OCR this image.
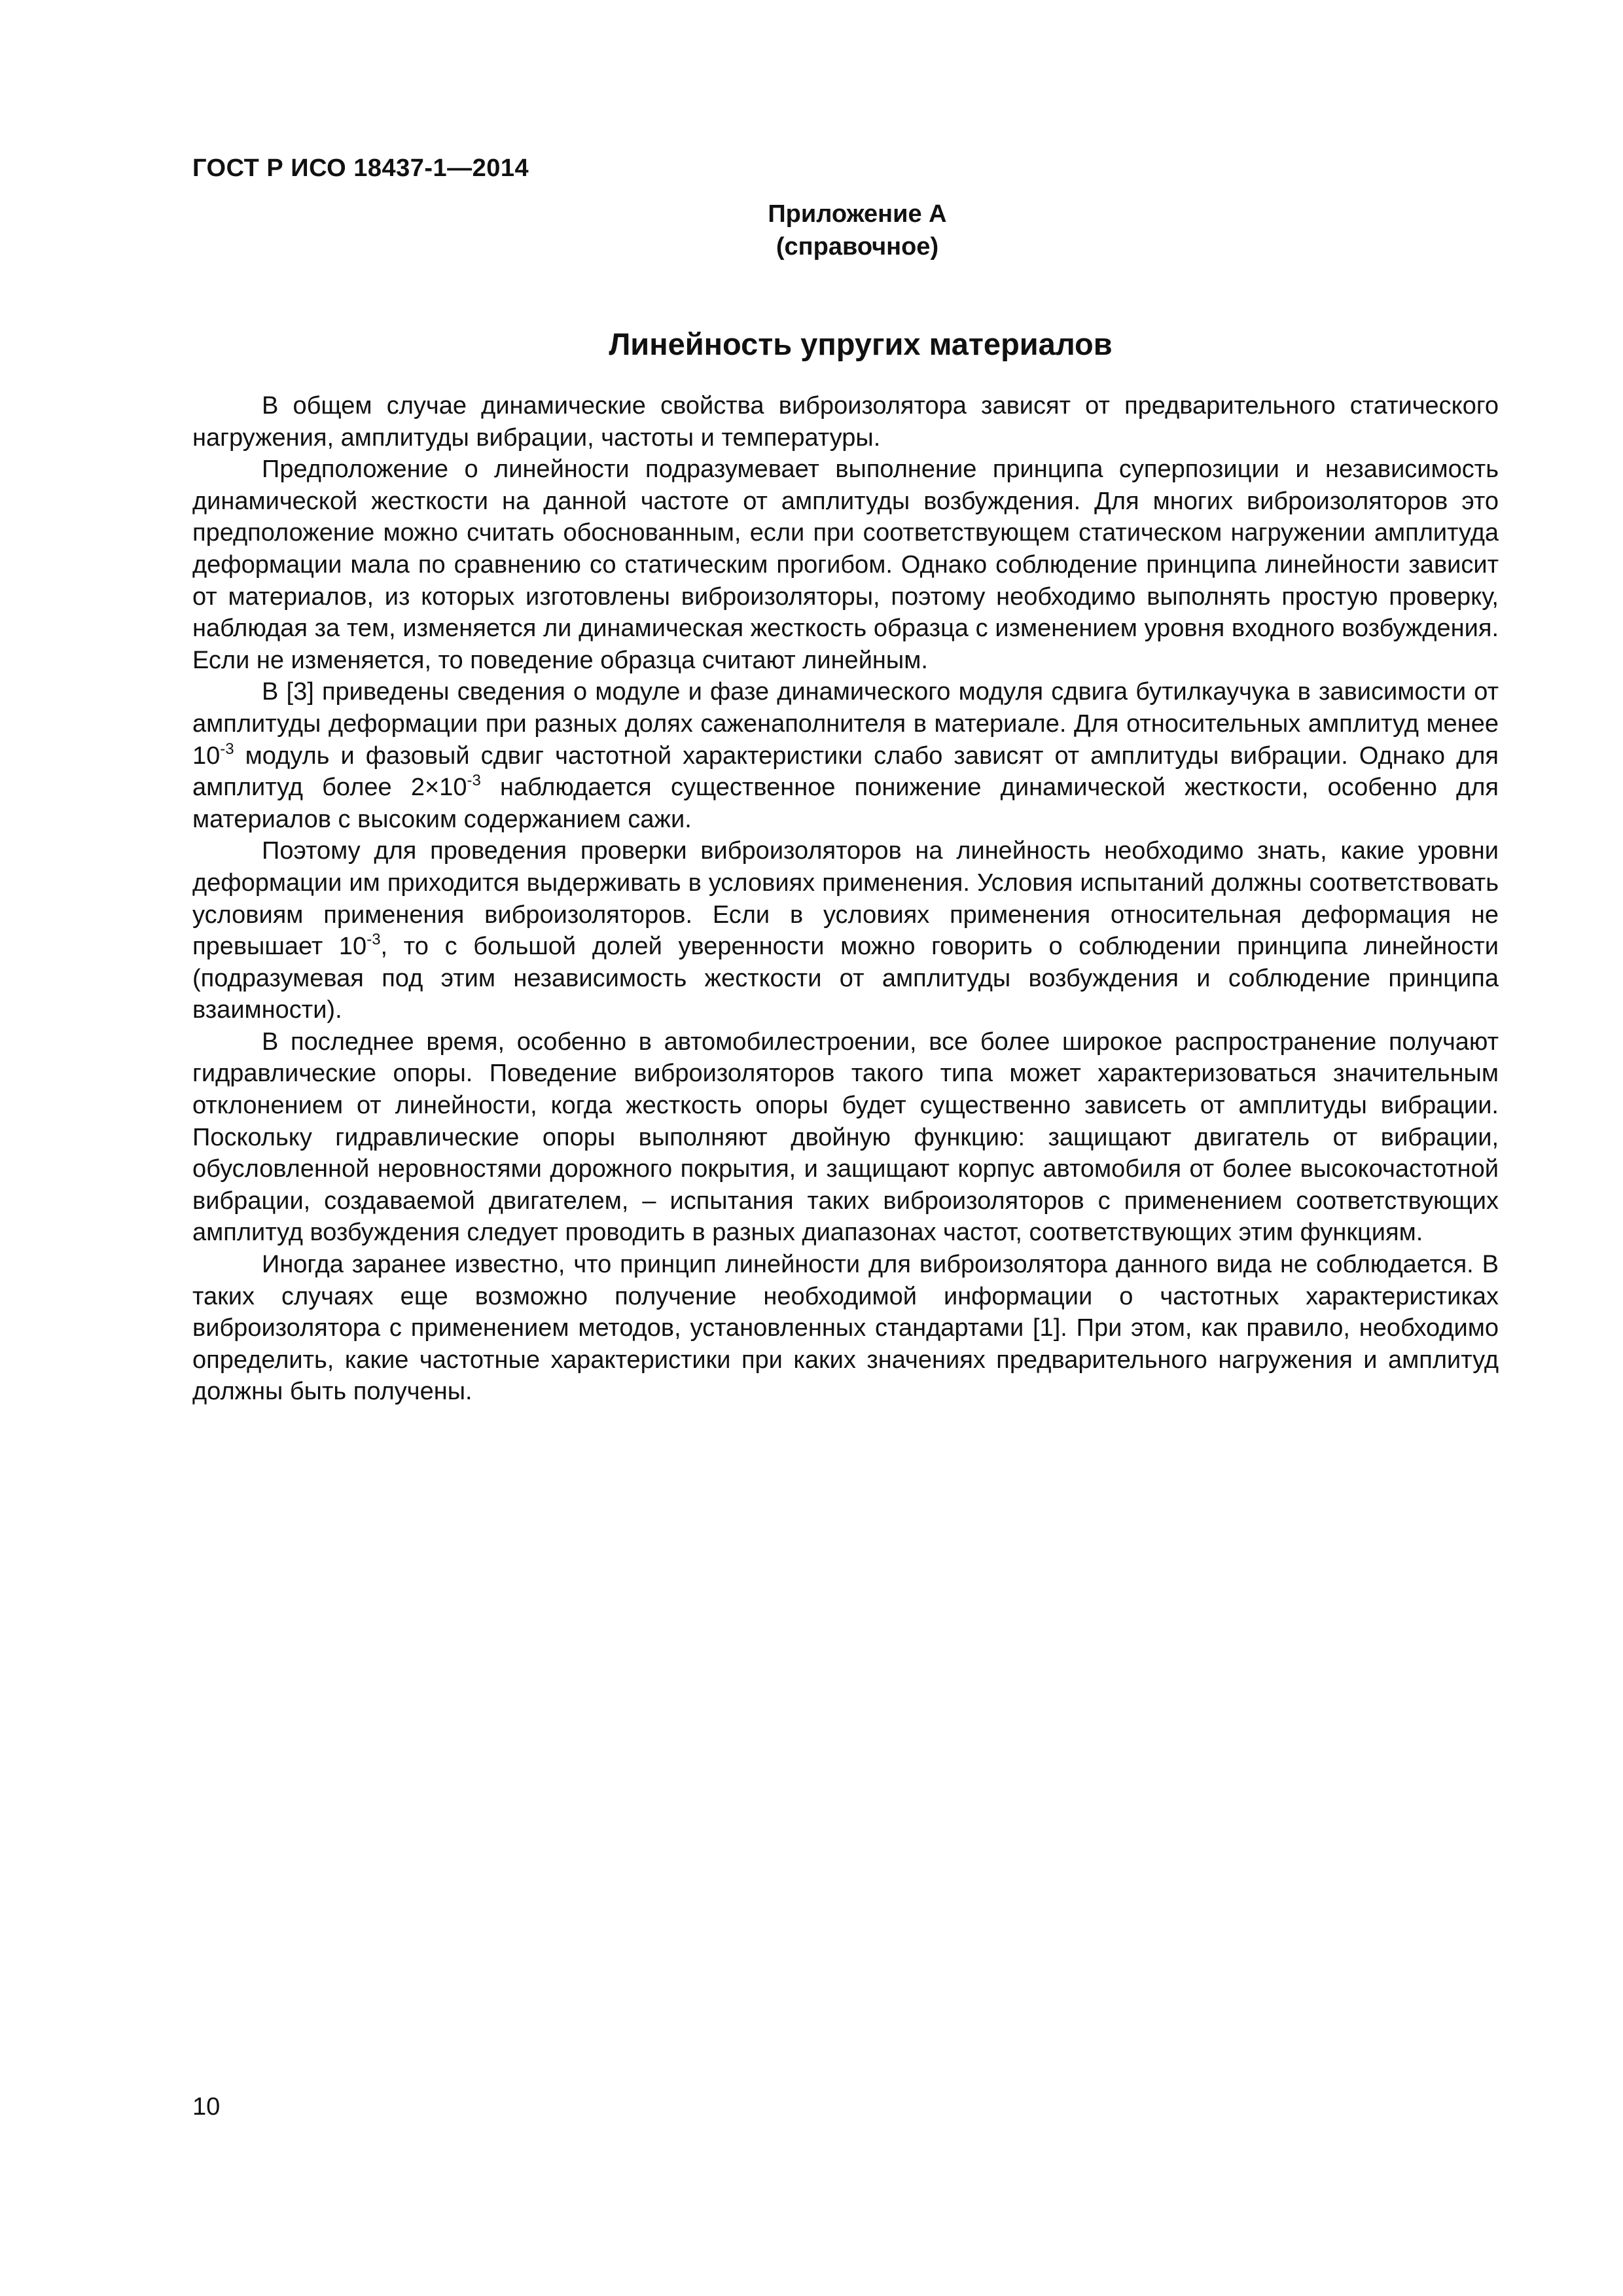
ГОСТ Р ИСО 18437-1—2014
Приложение А
(справочное)
Линейность упругих материалов

В общем случае динамические свойства виброизолятора зависят от предварительного статического нагружения, амплитуды вибрации, частоты и температуры.

Предположение о линейности подразумевает выполнение принципа суперпозиции и независимость динамической жесткости на данной частоте от амплитуды возбуждения. Для многих виброизоляторов это предположение можно считать обоснованным, если при соответствующем статическом нагружении амплитуда деформации мала по сравнению со статическим прогибом. Однако соблюдение принципа линейности зависит от материалов, из которых изготовлены виброизоляторы, поэтому необходимо выполнять простую проверку, наблюдая за тем, изменяется ли динамическая жесткость образца с изменением уровня входного возбуждения. Если не изменяется, то поведение образца считают линейным.

В [3] приведены сведения о модуле и фазе динамического модуля сдвига бутилкаучука в зависимости от амплитуды деформации при разных долях саженаполнителя в материале. Для относительных амплитуд менее $10^{-3}$ модуль и фазовый сдвиг частотной характеристики слабо зависят от амплитуды вибрации. Однако для амплитуд более $2\times 10^{-3}$ наблюдается существенное понижение динамической жесткости, особенно для материалов с высоким содержанием сажи.

Поэтому для проведения проверки виброизоляторов на линейность необходимо знать, какие уровни деформации им приходится выдерживать в условиях применения. Условия испытаний должны соответствовать условиям применения виброизоляторов. Если в условиях применения относительная деформация не превышает $10^{-3}$, то с большой долей уверенности можно говорить о соблюдении принципа линейности (подразумевая под этим независимость жесткости от амплитуды возбуждения и соблюдение принципа взаимности).

В последнее время, особенно в автомобилестроении, все более широкое распространение получают гидравлические опоры. Поведение виброизоляторов такого типа может характеризоваться значительным отклонением от линейности, когда жесткость опоры будет существенно зависеть от амплитуды вибрации. Поскольку гидравлические опоры выполняют двойную функцию: защищают двигатель от вибрации, обусловленной неровностями дорожного покрытия, и защищают корпус автомобиля от более высокочастотной вибрации, создаваемой двигателем, – испытания таких виброизоляторов с применением соответствующих амплитуд возбуждения следует проводить в разных диапазонах частот, соответствующих этим функциям.

Иногда заранее известно, что принцип линейности для виброизолятора данного вида не соблюдается. В таких случаях еще возможно получение необходимой информации о частотных характеристиках виброизолятора с применением методов, установленных стандартами [1]. При этом, как правило, необходимо определить, какие частотные характеристики при каких значениях предварительного нагружения и амплитуд должны быть получены.

10
